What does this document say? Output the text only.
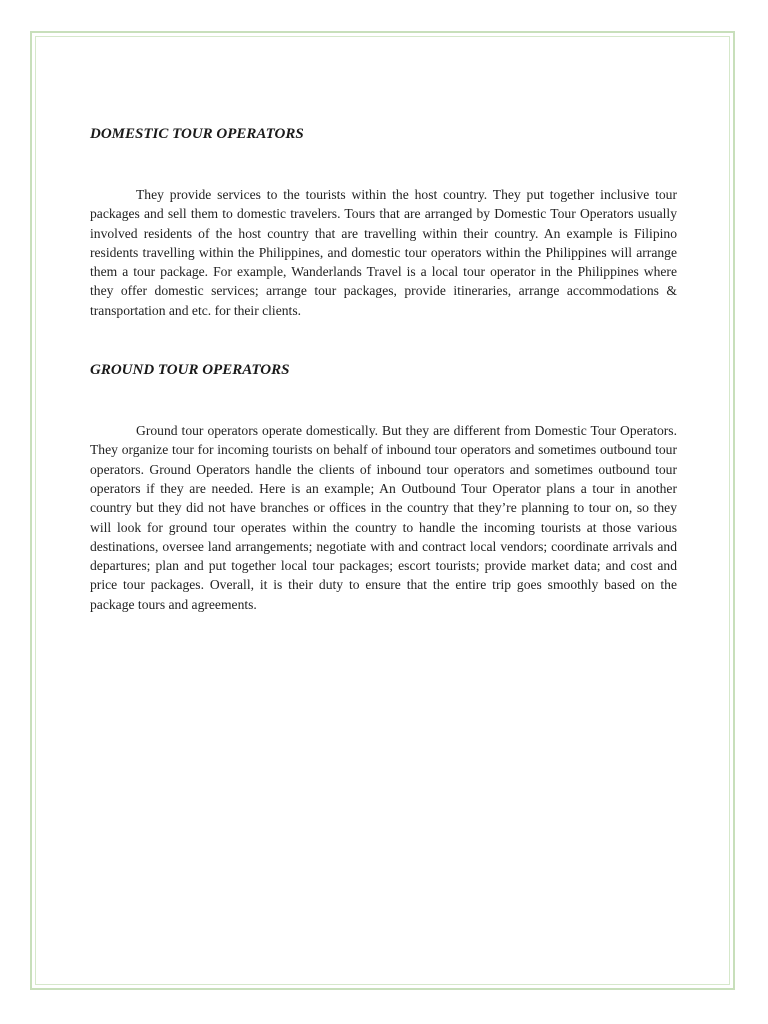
DOMESTIC TOUR OPERATORS

They provide services to the tourists within the host country. They put together inclusive tour packages and sell them to domestic travelers. Tours that are arranged by Domestic Tour Operators usually involved residents of the host country that are travelling within their country. An example is Filipino residents travelling within the Philippines, and domestic tour operators within the Philippines will arrange them a tour package. For example, Wanderlands Travel is a local tour operator in the Philippines where they offer domestic services; arrange tour packages, provide itineraries, arrange accommodations & transportation and etc. for their clients.

GROUND TOUR OPERATORS

Ground tour operators operate domestically. But they are different from Domestic Tour Operators. They organize tour for incoming tourists on behalf of inbound tour operators and sometimes outbound tour operators. Ground Operators handle the clients of inbound tour operators and sometimes outbound tour operators if they are needed. Here is an example; An Outbound Tour Operator plans a tour in another country but they did not have branches or offices in the country that they’re planning to tour on, so they will look for ground tour operates within the country to handle the incoming tourists at those various destinations, oversee land arrangements; negotiate with and contract local vendors; coordinate arrivals and departures; plan and put together local tour packages; escort tourists; provide market data; and cost and price tour packages. Overall, it is their duty to ensure that the entire trip goes smoothly based on the package tours and agreements.
